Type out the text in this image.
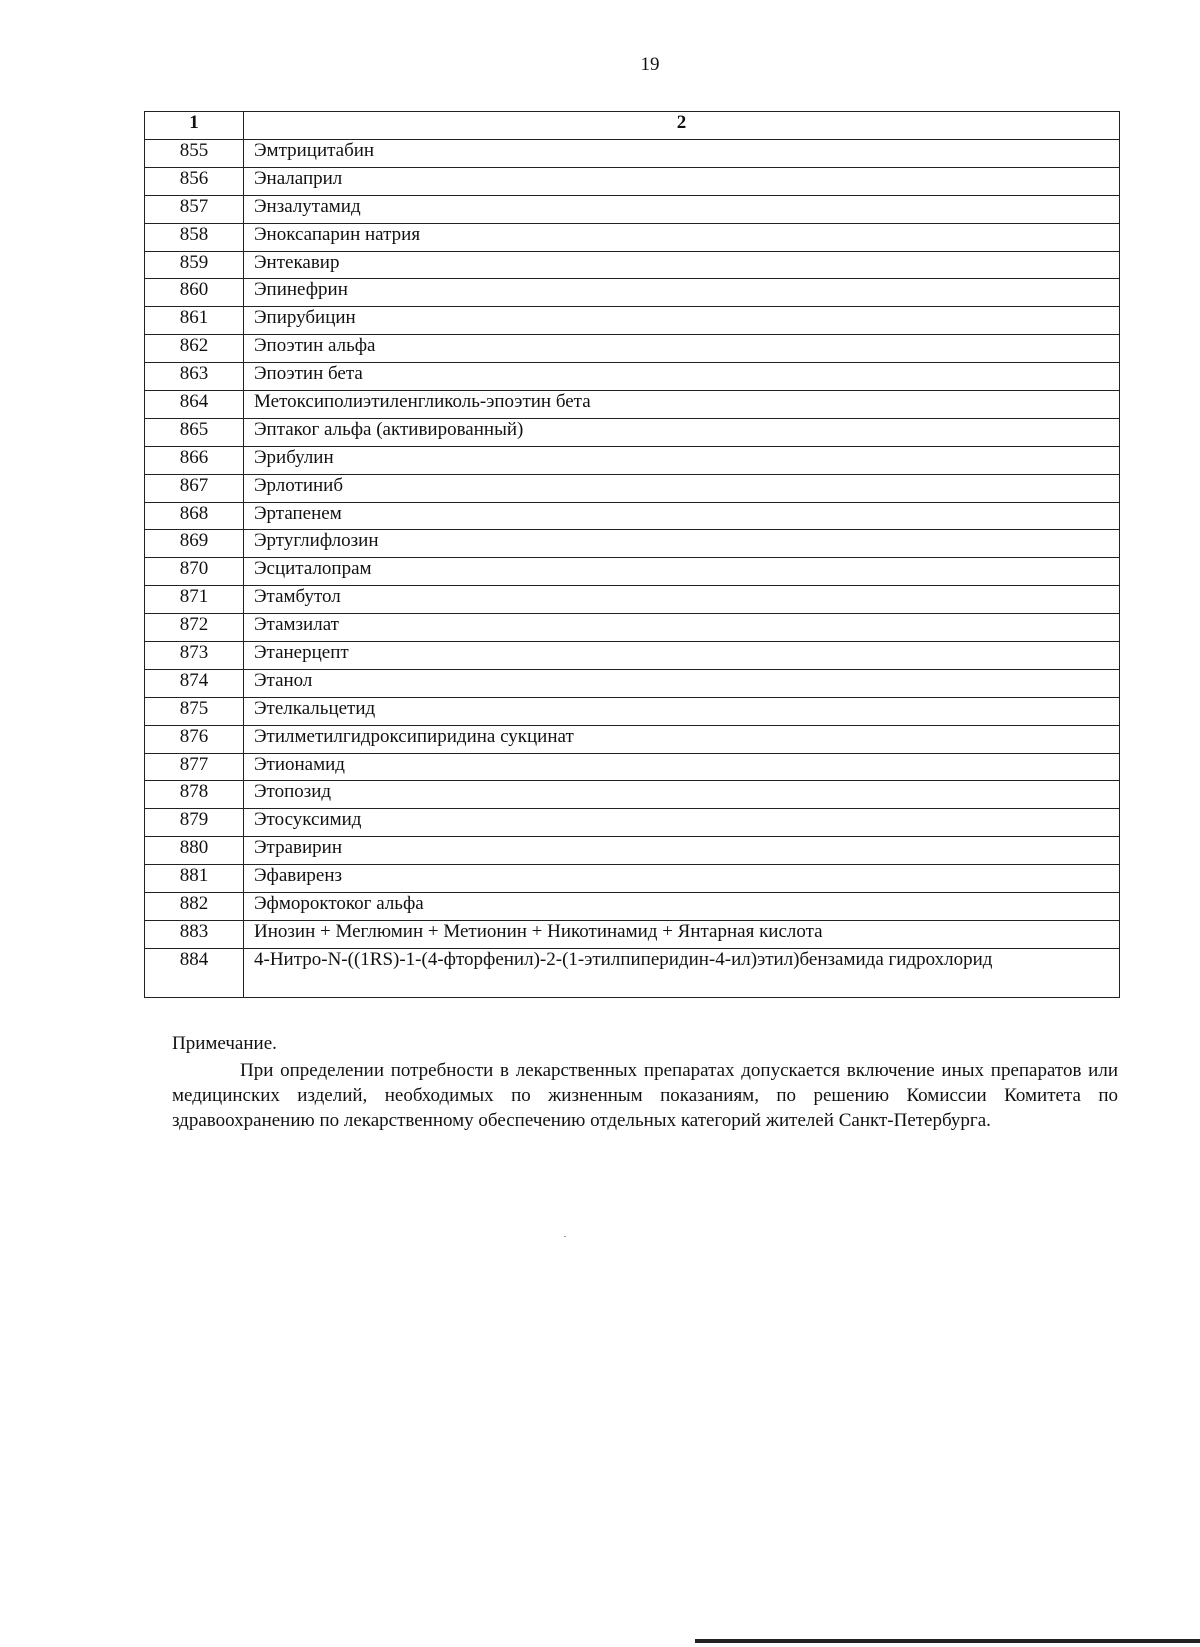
19
1	2
855	Эмтрицитабин
856	Эналаприл
857	Энзалутамид
858	Эноксапарин натрия
859	Энтекавир
860	Эпинефрин
861	Эпирубицин
862	Эпоэтин альфа
863	Эпоэтин бета
864	Метоксиполиэтиленгликоль-эпоэтин бета
865	Эптаког альфа (активированный)
866	Эрибулин
867	Эрлотиниб
868	Эртапенем
869	Эртуглифлозин
870	Эсциталопрам
871	Этамбутол
872	Этамзилат
873	Этанерцепт
874	Этанол
875	Этелкальцетид
876	Этилметилгидроксипиридина сукцинат
877	Этионамид
878	Этопозид
879	Этосуксимид
880	Этравирин
881	Эфавиренз
882	Эфмороктоког альфа
883	Инозин + Меглюмин + Метионин + Никотинамид + Янтарная кислота
884	4-Нитро-N-((1RS)-1-(4-фторфенил)-2-(1-этилпиперидин-4-ил)этил)бензамида гидрохлорид

Примечание.

При определении потребности в лекарственных препаратах допускается включение иных препаратов или медицинских изделий, необходимых по жизненным показаниям, по решению Комиссии Комитета по здравоохранению по лекарственному обеспечению отдельных категорий жителей Санкт-Петербурга.
